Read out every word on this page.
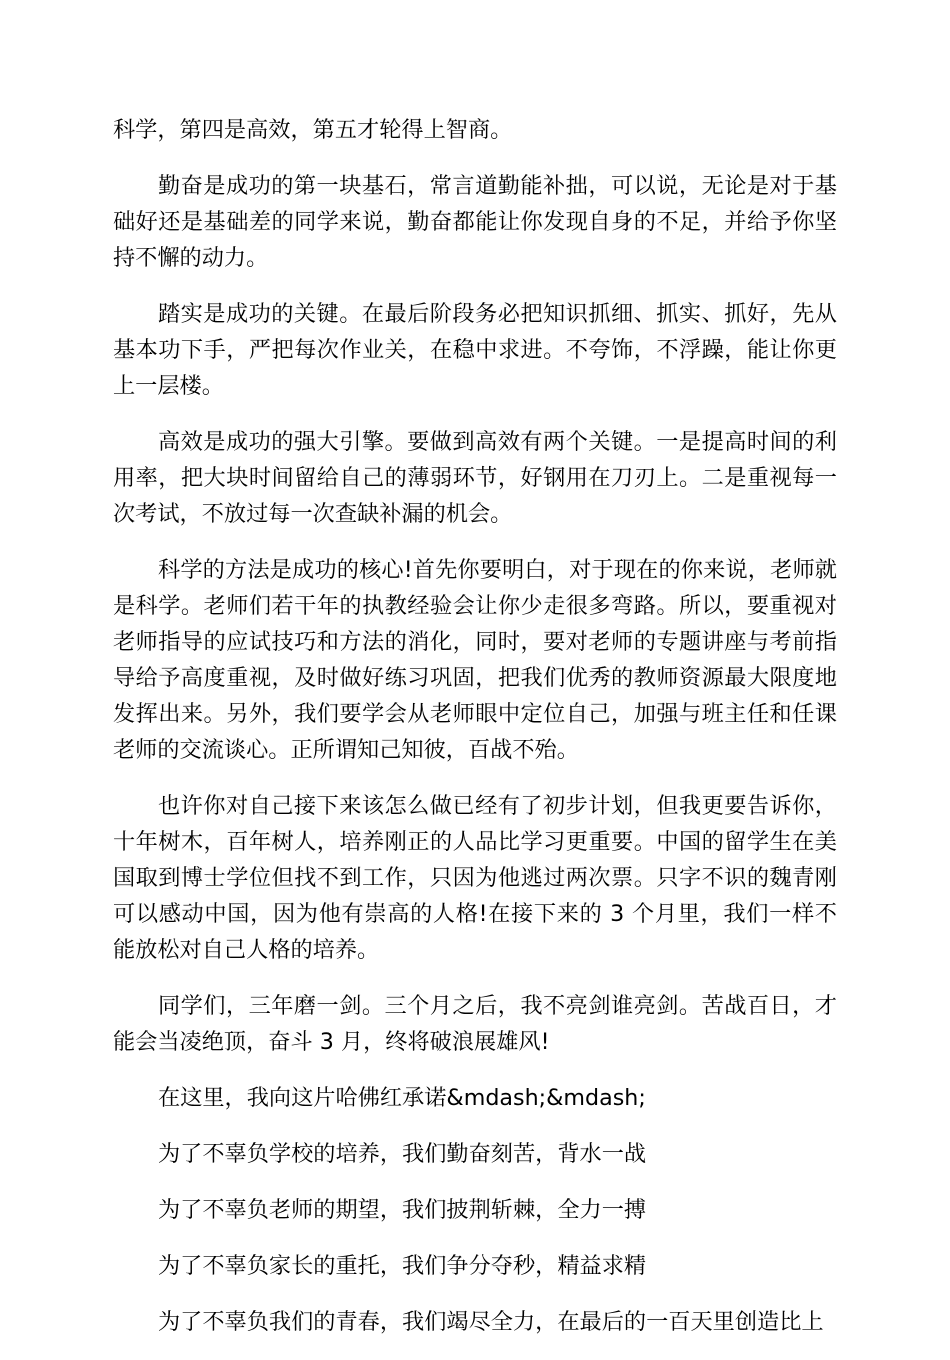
科学，第四是高效，第五才轮得上智商。

勤奋是成功的第一块基石，常言道勤能补拙，可以说，无论是对于基础好还是基础差的同学来说，勤奋都能让你发现自身的不足，并给予你坚持不懈的动力。

踏实是成功的关键。在最后阶段务必把知识抓细、抓实、抓好，先从基本功下手，严把每次作业关，在稳中求进。不夸饰，不浮躁，能让你更上一层楼。

高效是成功的强大引擎。要做到高效有两个关键。一是提高时间的利用率，把大块时间留给自己的薄弱环节，好钢用在刀刃上。二是重视每一次考试，不放过每一次查缺补漏的机会。

科学的方法是成功的核心!首先你要明白，对于现在的你来说，老师就是科学。老师们若干年的执教经验会让你少走很多弯路。所以，要重视对老师指导的应试技巧和方法的消化，同时，要对老师的专题讲座与考前指导给予高度重视，及时做好练习巩固，把我们优秀的教师资源最大限度地发挥出来。另外，我们要学会从老师眼中定位自己，加强与班主任和任课老师的交流谈心。正所谓知己知彼，百战不殆。

也许你对自己接下来该怎么做已经有了初步计划，但我更要告诉你，十年树木，百年树人，培养刚正的人品比学习更重要。中国的留学生在美国取到博士学位但找不到工作，只因为他逃过两次票。只字不识的魏青刚可以感动中国，因为他有崇高的人格!在接下来的 3 个月里，我们一样不能放松对自己人格的培养。

同学们，三年磨一剑。三个月之后，我不亮剑谁亮剑。苦战百日，才能会当凌绝顶，奋斗 3 月，终将破浪展雄风!

在这里，我向这片哈佛红承诺&mdash;&mdash;

为了不辜负学校的培养，我们勤奋刻苦，背水一战

为了不辜负老师的期望，我们披荆斩棘，全力一搏

为了不辜负家长的重托，我们争分夺秒，精益求精

为了不辜负我们的青春，我们竭尽全力，在最后的一百天里创造比上
